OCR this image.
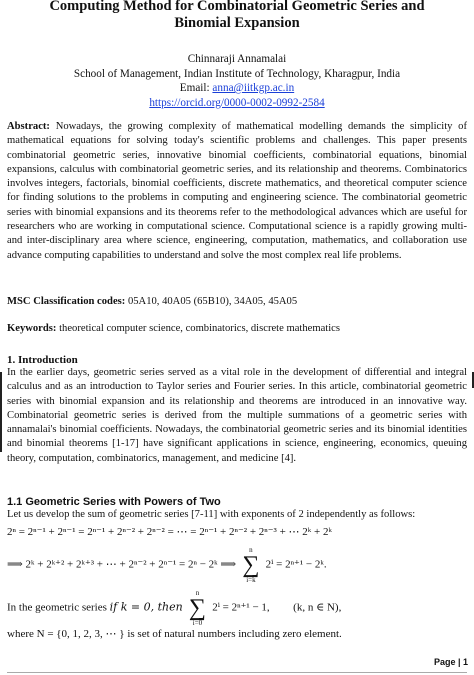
Computing Method for Combinatorial Geometric Series and
Binomial Expansion
Chinnaraji Annamalai
School of Management, Indian Institute of Technology, Kharagpur, India
Email: anna@iitkgp.ac.in
https://orcid.org/0000-0002-0992-2584
Abstract: Nowadays, the growing complexity of mathematical modelling demands the simplicity of mathematical equations for solving today's scientific problems and challenges. This paper presents combinatorial geometric series, innovative binomial coefficients, combinatorial equations, binomial expansions, calculus with combinatorial geometric series, and its relationship and theorems. Combinatorics involves integers, factorials, binomial coefficients, discrete mathematics, and theoretical computer science for finding solutions to the problems in computing and engineering science. The combinatorial geometric series with binomial expansions and its theorems refer to the methodological advances which are useful for researchers who are working in computational science. Computational science is a rapidly growing multi-and inter-disciplinary area where science, engineering, computation, mathematics, and collaboration use advance computing capabilities to understand and solve the most complex real life problems.
MSC Classification codes: 05A10, 40A05 (65B10), 34A05, 45A05
Keywords: theoretical computer science, combinatorics, discrete mathematics
1. Introduction
In the earlier days, geometric series served as a vital role in the development of differential and integral calculus and as an introduction to Taylor series and Fourier series. In this article, combinatorial geometric series with binomial expansion and its relationship and theorems are introduced in an innovative way. Combinatorial geometric series is derived from the multiple summations of a geometric series with annamalai's binomial coefficients. Nowadays, the combinatorial geometric series and its binomial identities and binomial theorems [1-17] have significant applications in science, engineering, economics, queuing theory, computation, combinatorics, management, and medicine [4].
1.1 Geometric Series with Powers of Two
Let us develop the sum of geometric series [7-11] with exponents of 2 independently as follows:
2ⁿ = 2ⁿ⁻¹ + 2ⁿ⁻¹ = 2ⁿ⁻¹ + 2ⁿ⁻² + 2ⁿ⁻² = ⋯ = 2ⁿ⁻¹ + 2ⁿ⁻² + 2ⁿ⁻³ + ⋯ 2ᵏ + 2ᵏ
⟹ 2ᵏ + 2ᵏ⁺² + 2ᵏ⁺³ + ⋯ + 2ⁿ⁻² + 2ⁿ⁻¹ = 2ⁿ − 2ᵏ ⟹
n
∑
i=k
2ⁱ = 2ⁿ⁺¹ − 2ᵏ.
In the geometric series if k = 0, then
n
∑
i=0
2ⁱ = 2ⁿ⁺¹ − 1, (k, n ∈ N),
where N = {0, 1, 2, 3, ⋯ } is set of natural numbers including zero element.
Page | 1
